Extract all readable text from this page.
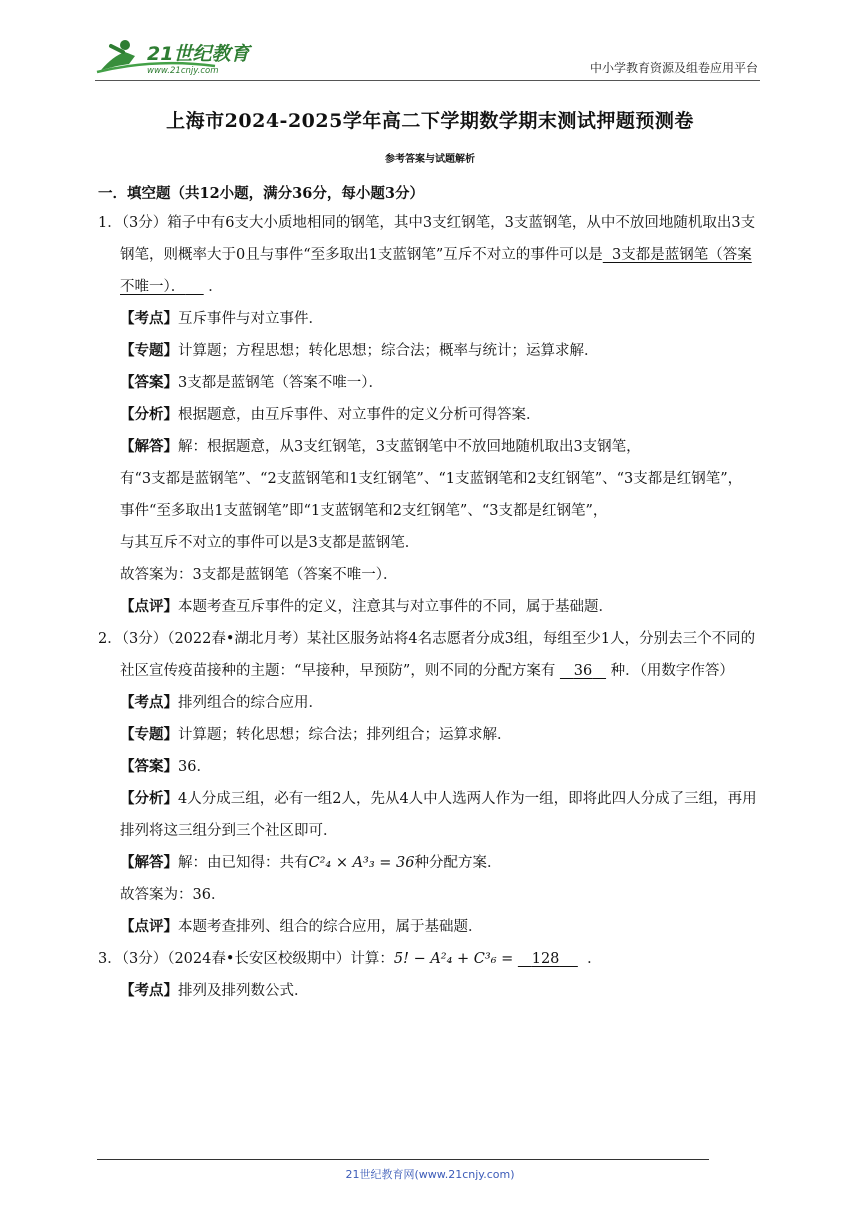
21世纪教育
www.21cnjy.com	中小学教育资源及组卷应用平台
上海市2024-2025学年高二下学期数学期末测试押题预测卷
参考答案与试题解析
一．填空题（共12小题，满分36分，每小题3分）
1．（3分）箱子中有6支大小质地相同的钢笔，其中3支红钢笔，3支蓝钢笔，从中不放回地随机取出3支钢笔，则概率大于0且与事件“至多取出1支蓝钢笔”互斥不对立的事件可以是 3支都是蓝钢笔（答案不唯一）． ．
【考点】互斥事件与对立事件．
【专题】计算题；方程思想；转化思想；综合法；概率与统计；运算求解．
【答案】3支都是蓝钢笔（答案不唯一）．
【分析】根据题意，由互斥事件、对立事件的定义分析可得答案．
【解答】解：根据题意，从3支红钢笔，3支蓝钢笔中不放回地随机取出3支钢笔，
有“3支都是蓝钢笔”、“2支蓝钢笔和1支红钢笔”、“1支蓝钢笔和2支红钢笔”、“3支都是红钢笔”，
事件“至多取出1支蓝钢笔”即“1支蓝钢笔和2支红钢笔”、“3支都是红钢笔”，
与其互斥不对立的事件可以是3支都是蓝钢笔．
故答案为：3支都是蓝钢笔（答案不唯一）．
【点评】本题考查互斥事件的定义，注意其与对立事件的不同，属于基础题．
2．（3分）（2022春•湖北月考）某社区服务站将4名志愿者分成3组，每组至少1人，分别去三个不同的社区宣传疫苗接种的主题：“早接种，早预防”，则不同的分配方案有 36 种．（用数字作答）
【考点】排列组合的综合应用．
【专题】计算题；转化思想；综合法；排列组合；运算求解．
【答案】36．
【分析】4人分成三组，必有一组2人，先从4人中人选两人作为一组，即将此四人分成了三组，再用排列将这三组分到三个社区即可．
【解答】解：由已知得：共有C²₄ × A³₃ = 36种分配方案．
故答案为：36．
【点评】本题考查排列、组合的综合应用，属于基础题．
3．（3分）（2024春•长安区校级期中）计算：5! − A²₄ + C³₆ = 128 ．
【考点】排列及排列数公式．
21世纪教育网(www.21cnjy.com)
